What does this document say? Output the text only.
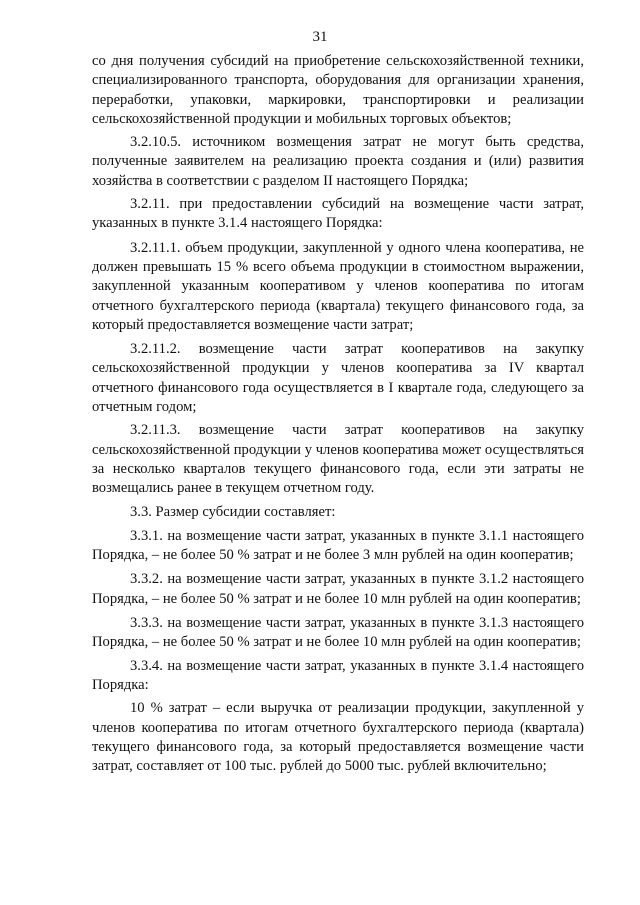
31

со дня получения субсидий на приобретение сельскохозяйственной техники, специализированного транспорта, оборудования для организации хранения, переработки, упаковки, маркировки, транспортировки и реализации сельскохозяйственной продукции и мобильных торговых объектов;

3.2.10.5. источником возмещения затрат не могут быть средства, полученные заявителем на реализацию проекта создания и (или) развития хозяйства в соответствии с разделом II настоящего Порядка;

3.2.11. при предоставлении субсидий на возмещение части затрат, указанных в пункте 3.1.4 настоящего Порядка:

3.2.11.1. объем продукции, закупленной у одного члена кооператива, не должен превышать 15 % всего объема продукции в стоимостном выражении, закупленной указанным кооперативом у членов кооператива по итогам отчетного бухгалтерского периода (квартала) текущего финансового года, за который предоставляется возмещение части затрат;

3.2.11.2. возмещение части затрат кооперативов на закупку сельскохозяйственной продукции у членов кооператива за IV квартал отчетного финансового года осуществляется в I квартале года, следующего за отчетным годом;

3.2.11.3. возмещение части затрат кооперативов на закупку сельскохозяйственной продукции у членов кооператива может осуществляться за несколько кварталов текущего финансового года, если эти затраты не возмещались ранее в текущем отчетном году.

3.3. Размер субсидии составляет:

3.3.1. на возмещение части затрат, указанных в пункте 3.1.1 настоящего Порядка, – не более 50 % затрат и не более 3 млн рублей на один кооператив;

3.3.2. на возмещение части затрат, указанных в пункте 3.1.2 настоящего Порядка, – не более 50 % затрат и не более 10 млн рублей на один кооператив;

3.3.3. на возмещение части затрат, указанных в пункте 3.1.3 настоящего Порядка, – не более 50 % затрат и не более 10 млн рублей на один кооператив;

3.3.4. на возмещение части затрат, указанных в пункте 3.1.4 настоящего Порядка:

10 % затрат – если выручка от реализации продукции, закупленной у членов кооператива по итогам отчетного бухгалтерского периода (квартала) текущего финансового года, за который предоставляется возмещение части затрат, составляет от 100 тыс. рублей до 5000 тыс. рублей включительно;
